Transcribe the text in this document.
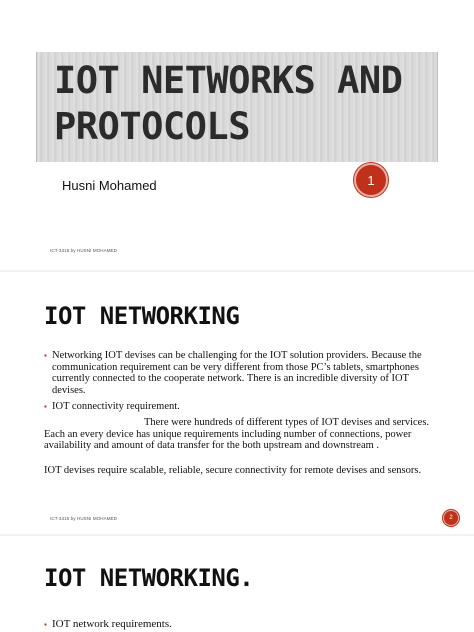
IOT NETWORKS AND
PROTOCOLS
Husni Mohamed	1
ICT-3315 by HUSNI MOHAMED
IOT NETWORKING
▪ Networking IOT devises can be challenging for the IOT solution providers. Because the communication requirement can be very different from those PC’s tablets, smartphones currently connected to the cooperate network. There is an incredible diversity of IOT devises.
▪ IOT connectivity requirement.
There were hundreds of different types of IOT devises and services.
Each an every device has unique requirements including number of connections, power availability and amount of data transfer for the both upstream and downstream .
IOT devises require scalable, reliable, secure connectivity for remote devises and sensors.
ICT-3315 by HUSNI MOHAMED	2
IOT NETWORKING.
▪ IOT network requirements.
